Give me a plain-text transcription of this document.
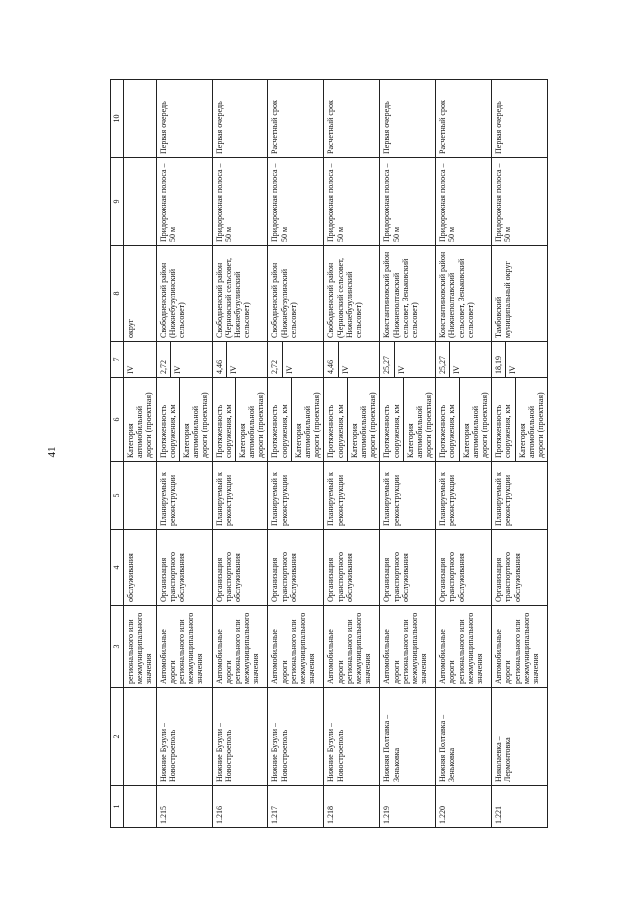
41
1	2	3	4	5	6	7	8	9	10
		регионального или межмуниципального значения	обслуживания		Категория автомобильной дороги (проектная)	IV	округ		
1.215	Нижние Бузули – Новостроеполь	Автомобильные дороги регионального или межмуниципального значения	Организация транспортного обслуживания	Планируемый к реконструкции	Протяженность сооружения, км Категория автомобильной дороги (проектная)	2,72 IV	Свободненский район (Нижнебузулинский сельсовет)	Придорожная полоса – 50 м	Первая очередь
1.216	Нижние Бузули – Новостроеполь	Автомобильные дороги регионального или межмуниципального значения	Организация транспортного обслуживания	Планируемый к реконструкции	Протяженность сооружения, км Категория автомобильной дороги (проектная)	4,46 IV	Свободненский район (Черновский сельсовет, Нижнебузулинский сельсовет)	Придорожная полоса – 50 м	Первая очередь
1.217	Нижние Бузули – Новостроеполь	Автомобильные дороги регионального или межмуниципального значения	Организация транспортного обслуживания	Планируемый к реконструкции	Протяженность сооружения, км Категория автомобильной дороги (проектная)	2,72 IV	Свободненский район (Нижнебузулинский сельсовет)	Придорожная полоса – 50 м	Расчетный срок
1.218	Нижние Бузули – Новостроеполь	Автомобильные дороги регионального или межмуниципального значения	Организация транспортного обслуживания	Планируемый к реконструкции	Протяженность сооружения, км Категория автомобильной дороги (проектная)	4,46 IV	Свободненский район (Черновский сельсовет, Нижнебузулинский сельсовет)	Придорожная полоса – 50 м	Расчетный срок
1.219	Нижняя Полтавка – Зеньковка	Автомобильные дороги регионального или межмуниципального значения	Организация транспортного обслуживания	Планируемый к реконструкции	Протяженность сооружения, км Категория автомобильной дороги (проектная)	25,27 IV	Константиновский район (Нижнеполтавский сельсовет, Зеньковский сельсовет)	Придорожная полоса – 50 м	Первая очередь
1.220	Нижняя Полтавка – Зеньковка	Автомобильные дороги регионального или межмуниципального значения	Организация транспортного обслуживания	Планируемый к реконструкции	Протяженность сооружения, км Категория автомобильной дороги (проектная)	25,27 IV	Константиновский район (Нижнеполтавский сельсовет, Зеньковский сельсовет)	Придорожная полоса – 50 м	Расчетный срок
1.221	Николаевка – Лермонтовка	Автомобильные дороги регионального или межмуниципального значения	Организация транспортного обслуживания	Планируемый к реконструкции	Протяженность сооружения, км Категория автомобильной дороги (проектная)	18,19 IV	Тамбовский муниципальный округ	Придорожная полоса – 50 м	Первая очередь
